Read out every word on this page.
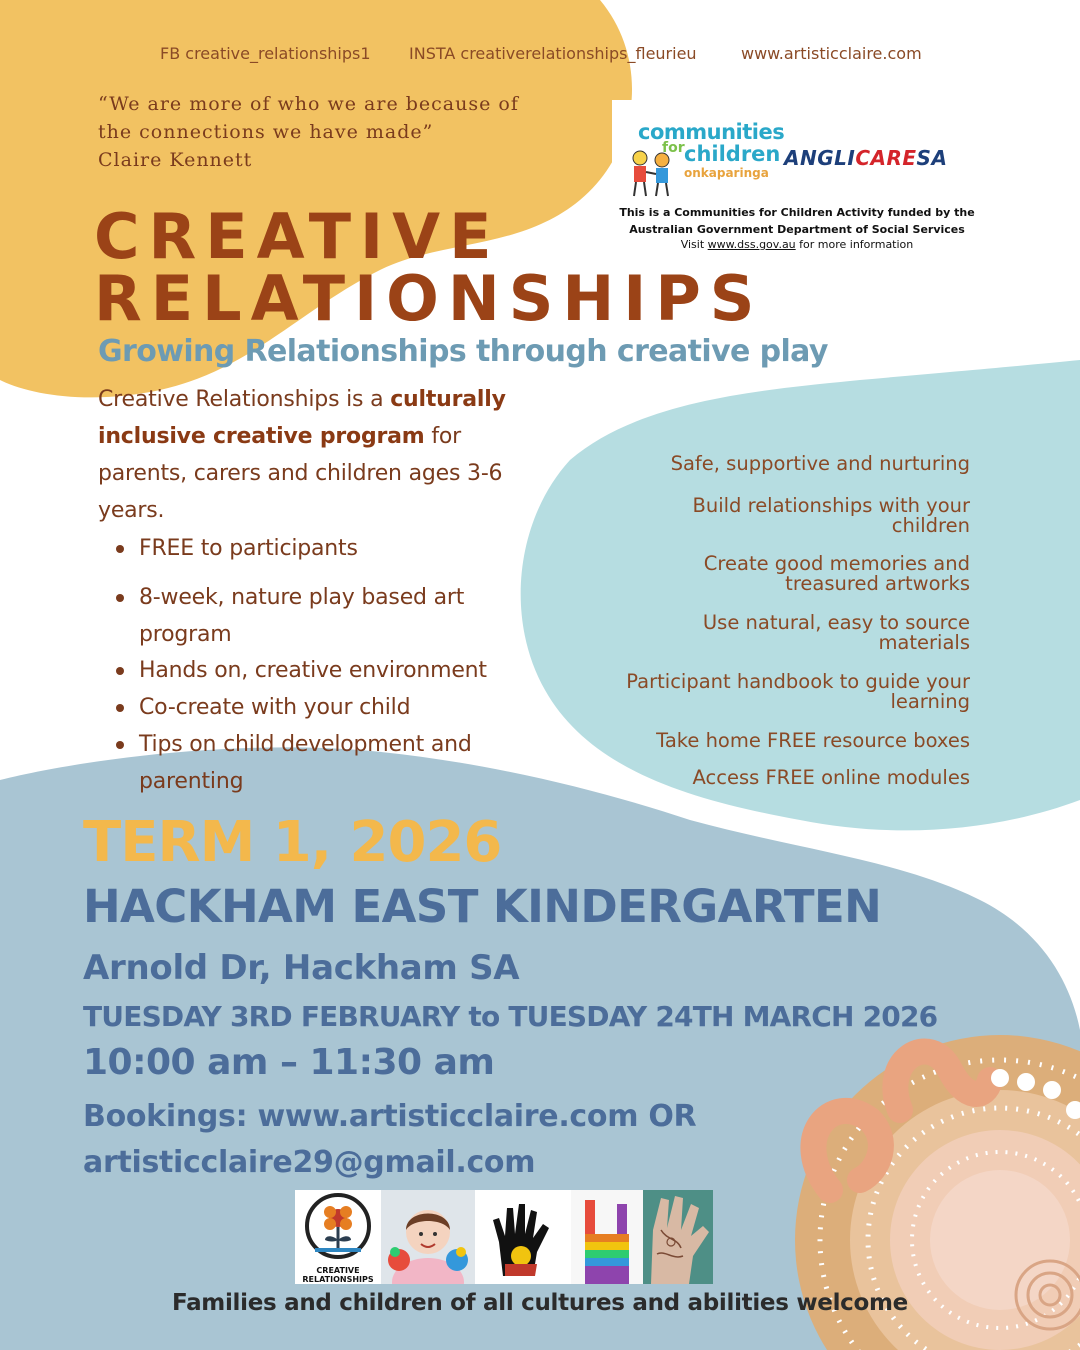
FB creative_relationships1 INSTA creativerelationships_fleurieu	www.artisticclaire.com
“We are more of who we are because of
the connections we have made”
Claire Kennett
communities
for children
onkaparinga
ANGLICARESA
This is a Communities for Children Activity funded by the
Australian Government Department of Social Services
Visit www.dss.gov.au for more information
CREATIVE
RELATIONSHIPS
Growing Relationships through creative play
Creative Relationships is a culturally inclusive creative program for parents, carers and children ages 3-6 years.
FREE to participants
8-week, nature play based art program
Hands on, creative environment
Co-create with your child
Tips on child development and parenting
Safe, supportive and nurturing
Build relationships with your children
Create good memories and treasured artworks
Use natural, easy to source materials
Participant handbook to guide your learning
Take home FREE resource boxes
Access FREE online modules
TERM 1, 2026
HACKHAM EAST KINDERGARTEN
Arnold Dr, Hackham SA
TUESDAY 3RD FEBRUARY to TUESDAY 24TH MARCH 2026
10:00 am – 11:30 am
Bookings: www.artisticclaire.com OR
artisticclaire29@gmail.com
CREATIVE
RELATIONSHIPS
Families and children of all cultures and abilities welcome
